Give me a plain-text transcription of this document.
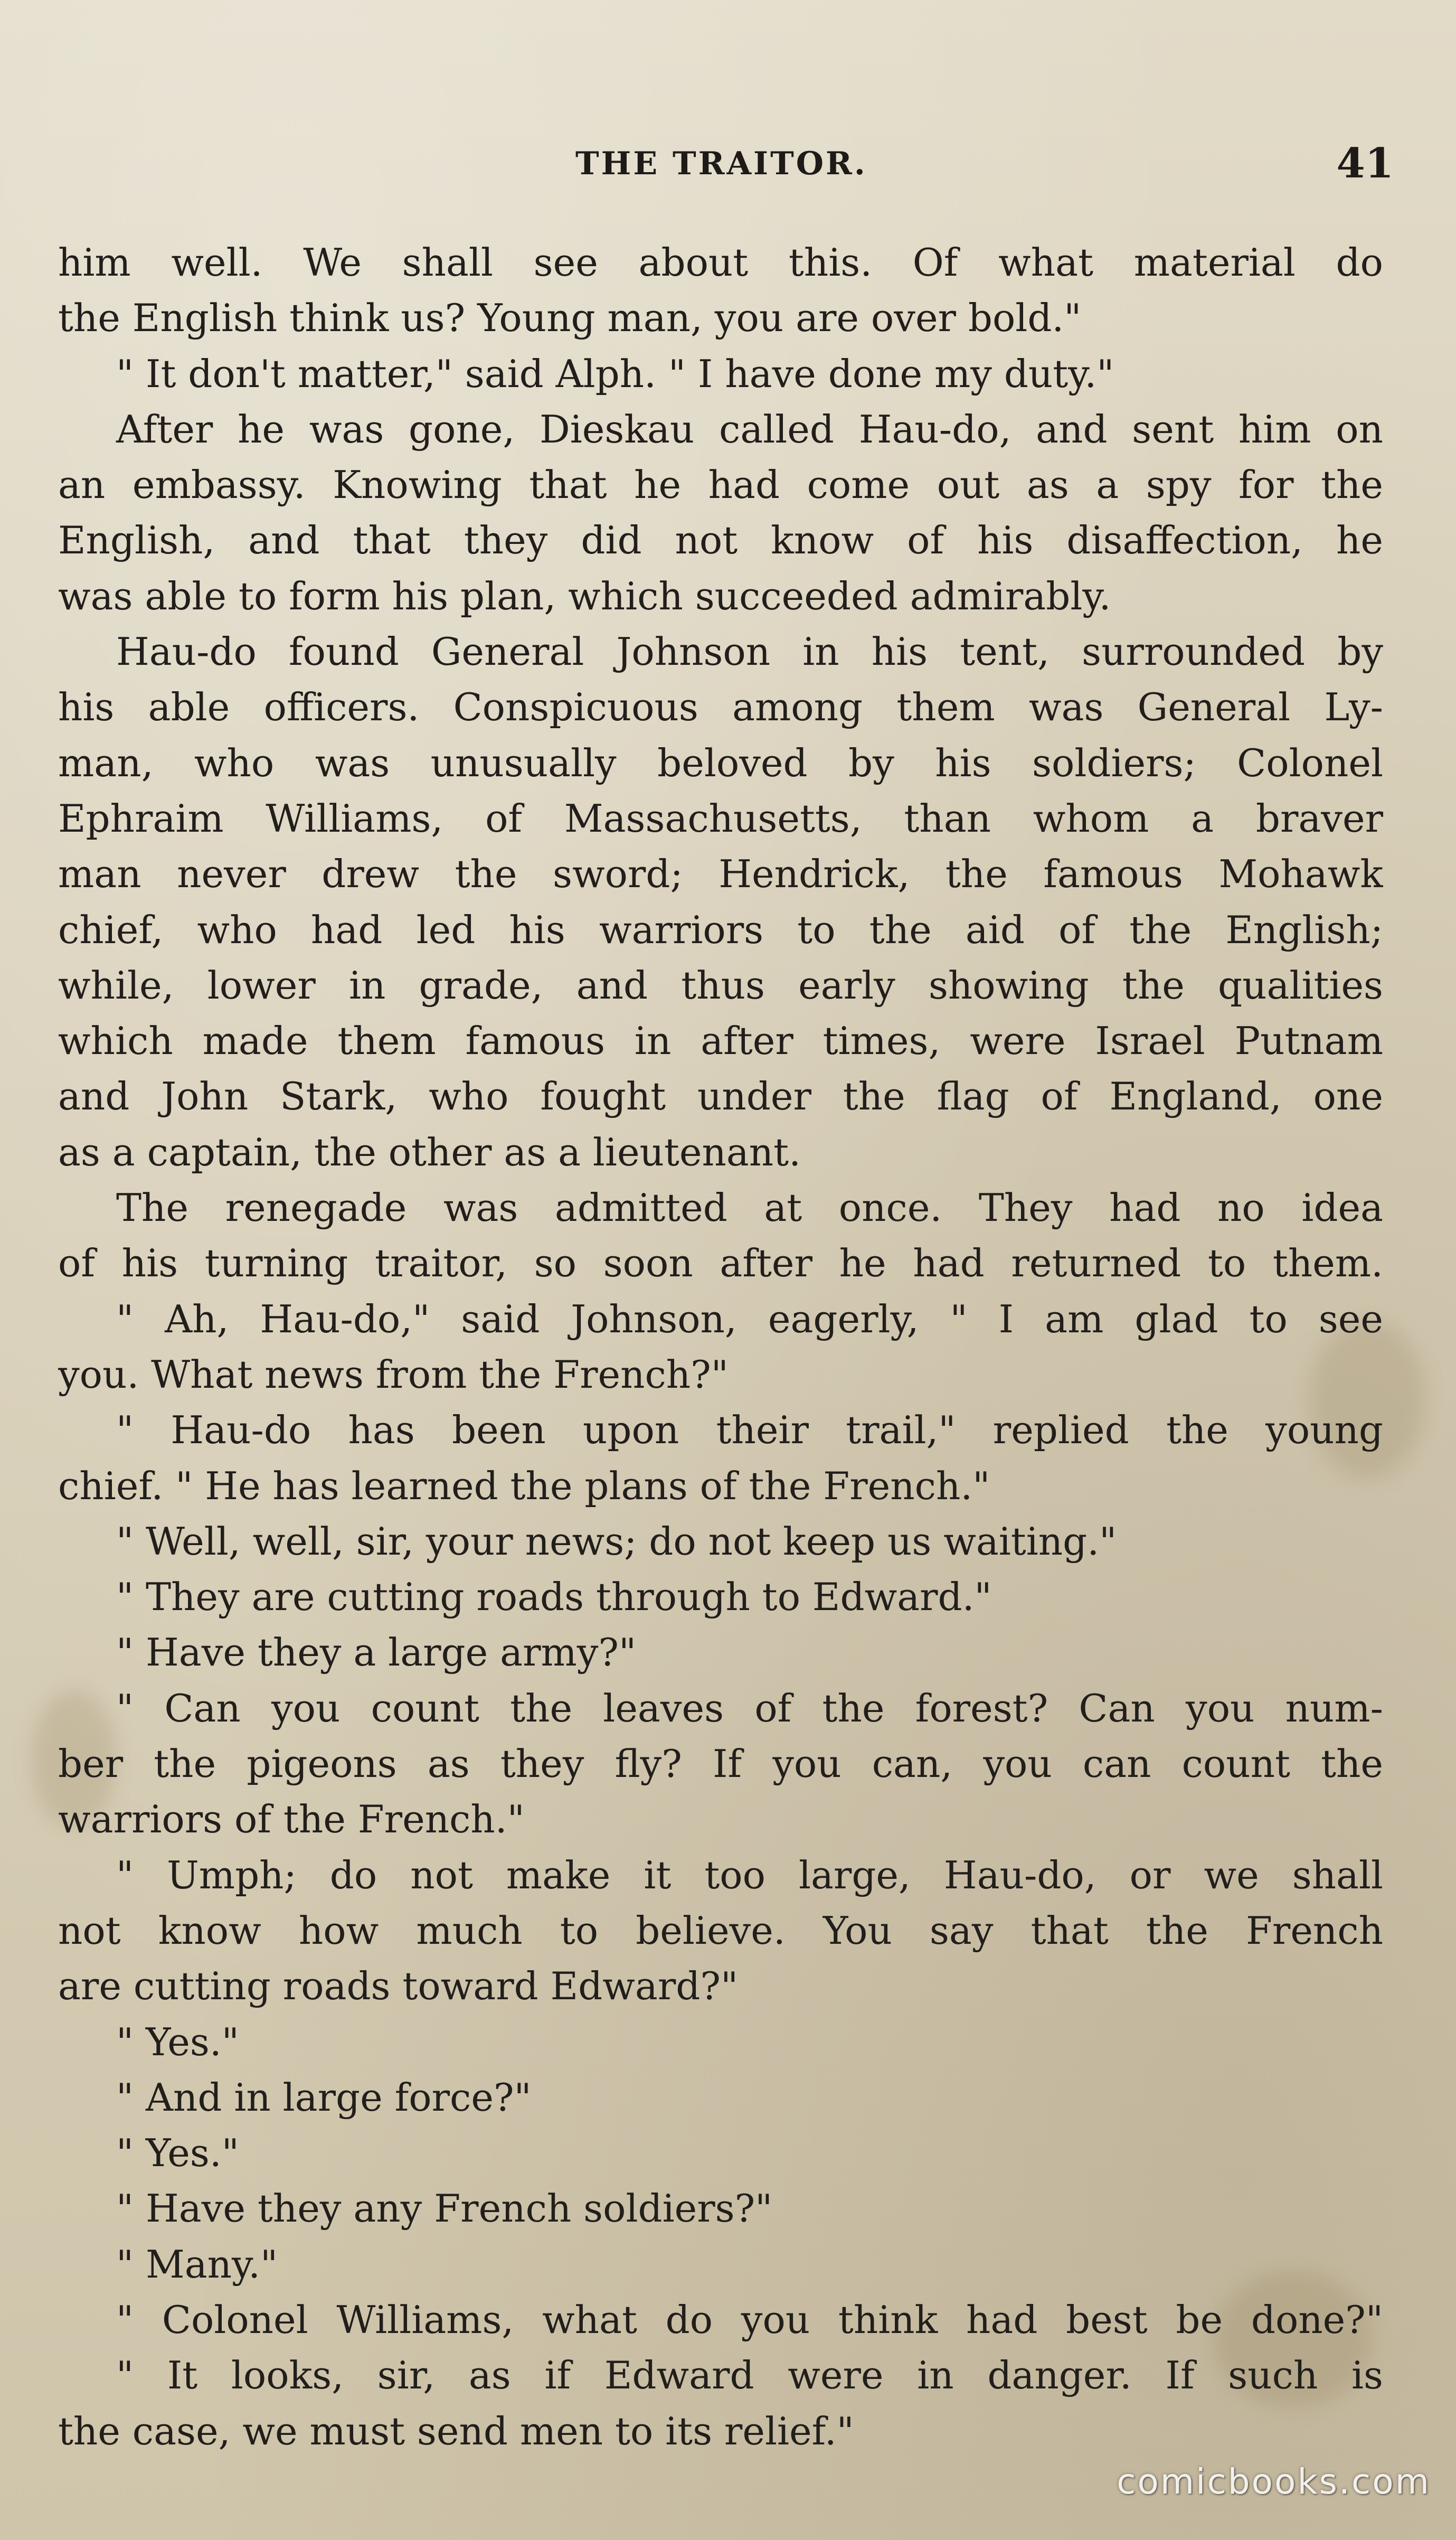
THE TRAITOR.	41
him well. We shall see about this. Of what material do
the English think us? Young man, you are over bold."
" It don't matter," said Alph. " I have done my duty."
After he was gone, Dieskau called Hau-do, and sent him on
an embassy. Knowing that he had come out as a spy for the
English, and that they did not know of his disaffection, he
was able to form his plan, which succeeded admirably.
Hau-do found General Johnson in his tent, surrounded by
his able officers. Conspicuous among them was General Ly-
man, who was unusually beloved by his soldiers; Colonel
Ephraim Williams, of Massachusetts, than whom a braver
man never drew the sword; Hendrick, the famous Mohawk
chief, who had led his warriors to the aid of the English;
while, lower in grade, and thus early showing the qualities
which made them famous in after times, were Israel Putnam
and John Stark, who fought under the flag of England, one
as a captain, the other as a lieutenant.
The renegade was admitted at once. They had no idea
of his turning traitor, so soon after he had returned to them.
" Ah, Hau-do," said Johnson, eagerly, " I am glad to see
you. What news from the French?"
" Hau-do has been upon their trail," replied the young
chief. " He has learned the plans of the French."
" Well, well, sir, your news; do not keep us waiting."
" They are cutting roads through to Edward."
" Have they a large army?"
" Can you count the leaves of the forest? Can you num-
ber the pigeons as they fly? If you can, you can count the
warriors of the French."
" Umph; do not make it too large, Hau-do, or we shall
not know how much to believe. You say that the French
are cutting roads toward Edward?"
" Yes."
" And in large force?"
" Yes."
" Have they any French soldiers?"
" Many."
" Colonel Williams, what do you think had best be done?"
" It looks, sir, as if Edward were in danger. If such is
the case, we must send men to its relief."
comicbooks.com
